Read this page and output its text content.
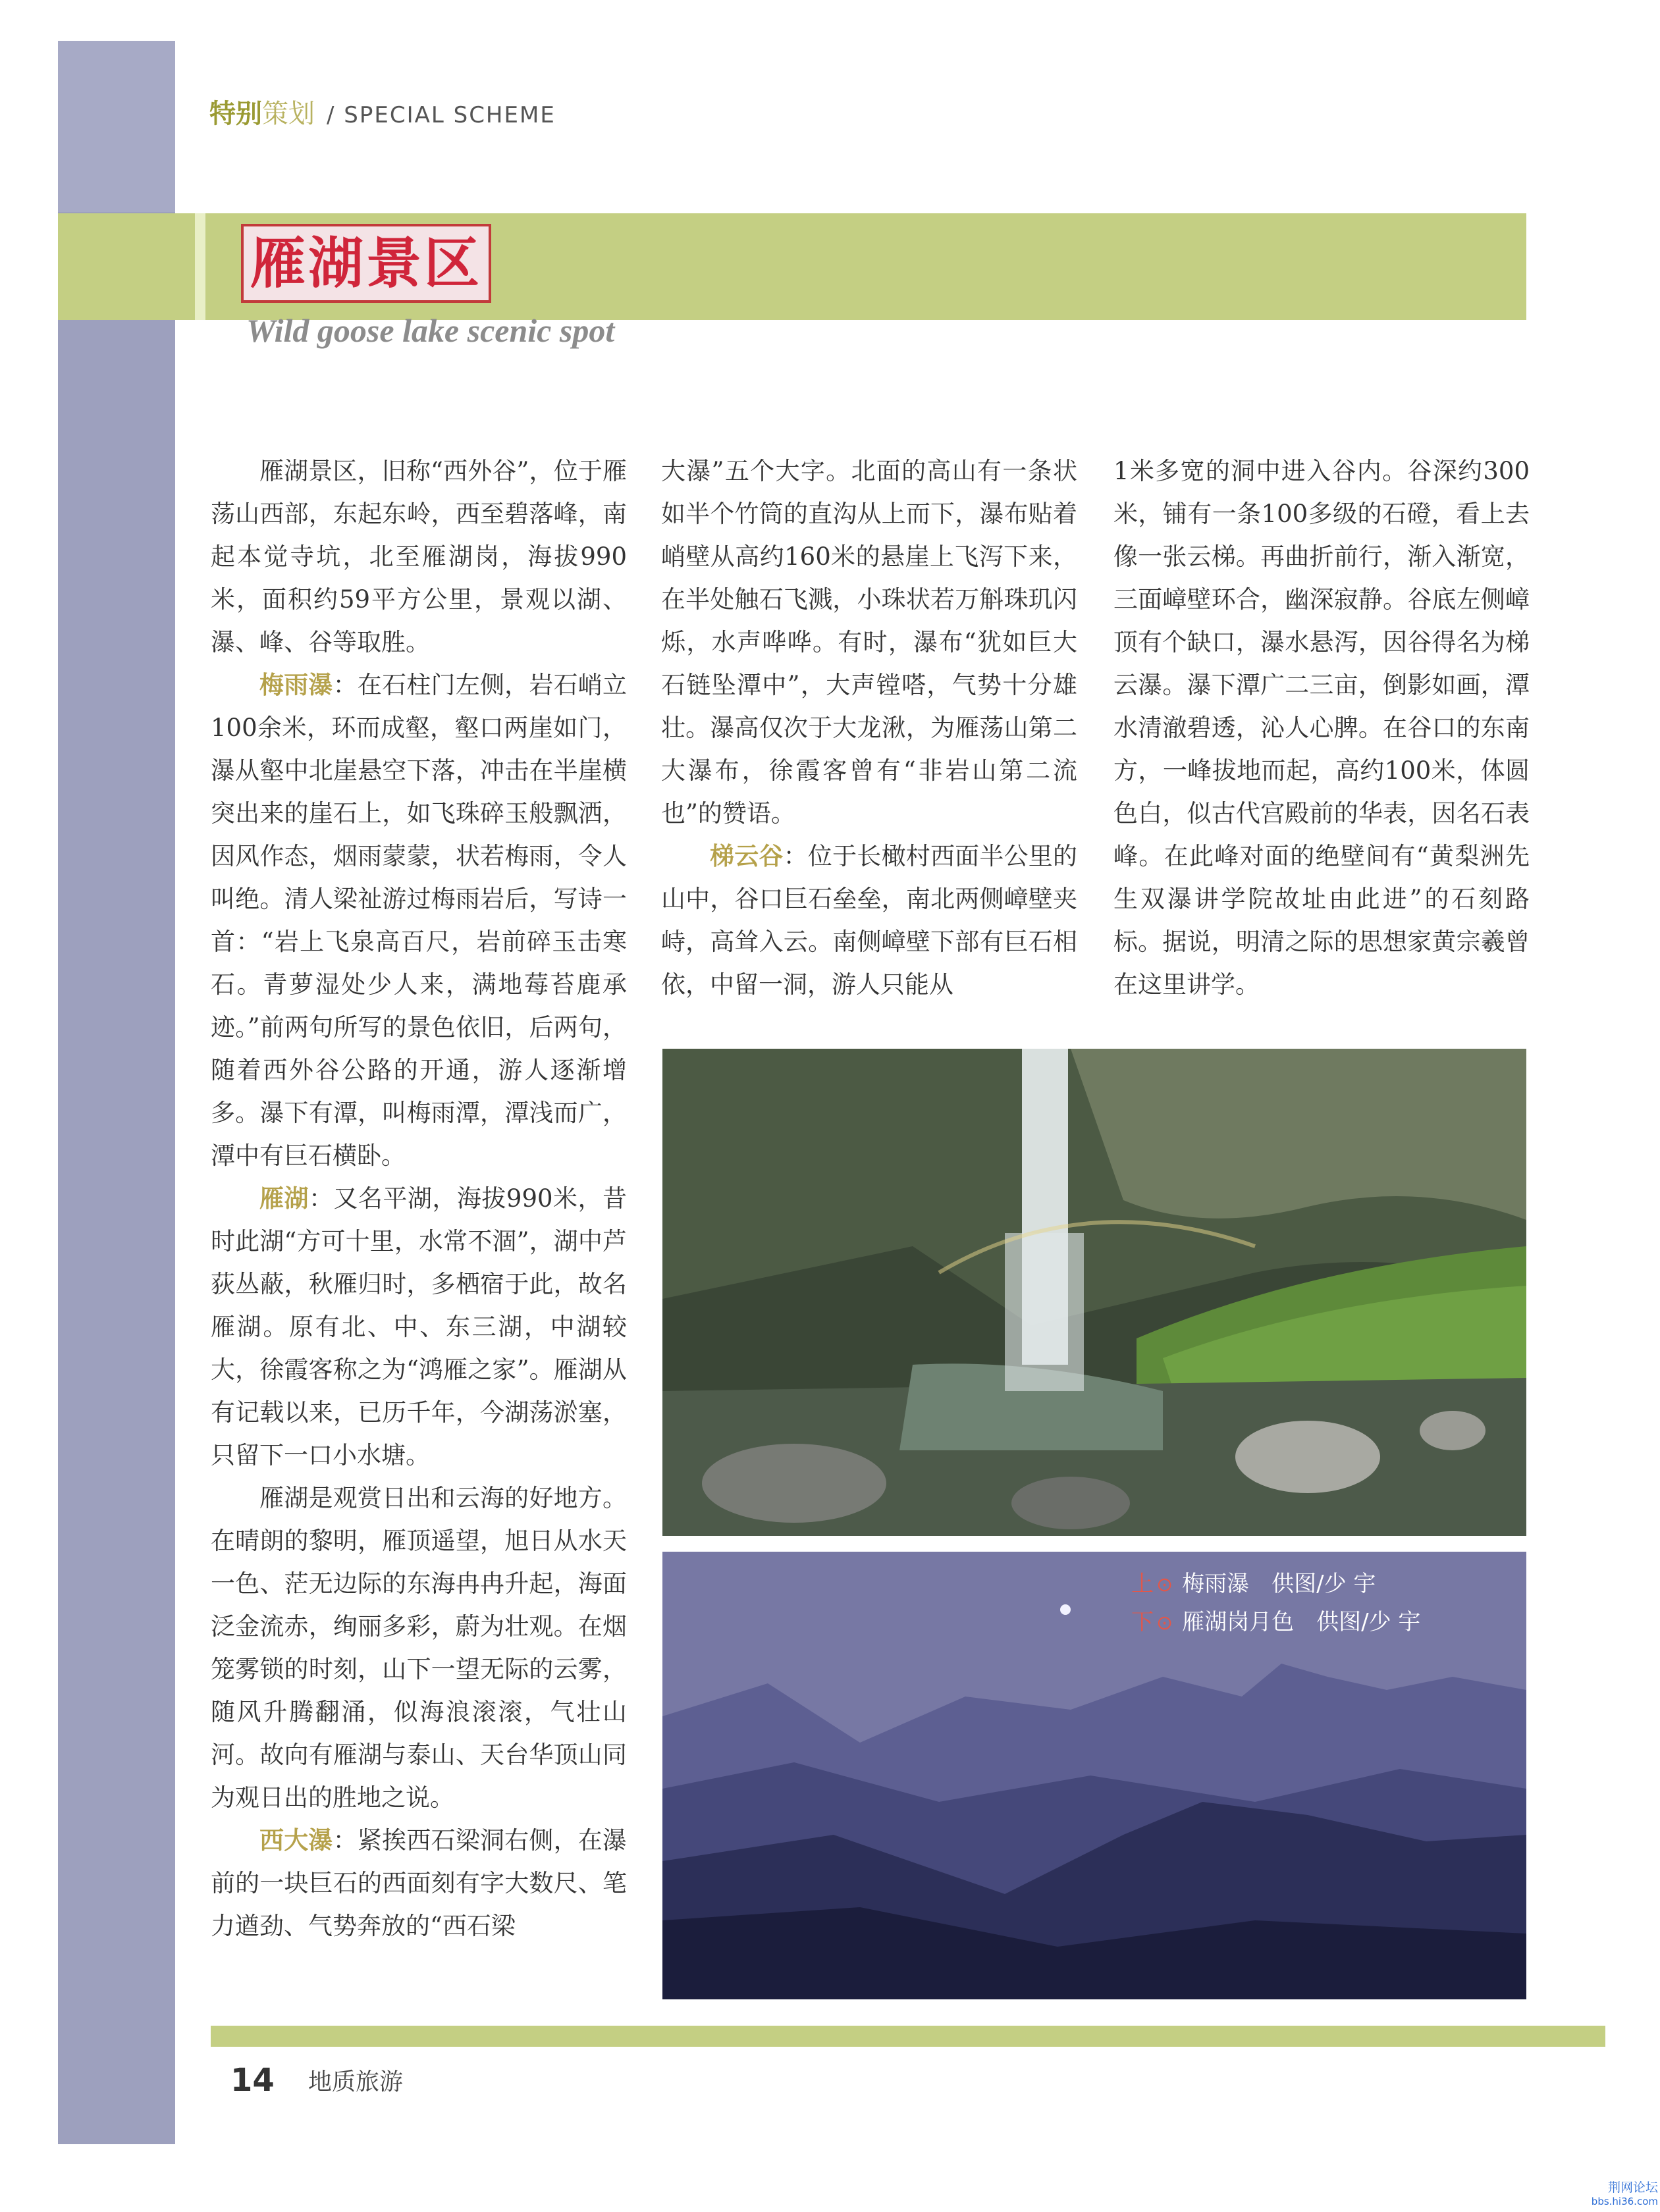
特别策划 / SPECIAL SCHEME
雁湖景区
Wild goose lake scenic spot

雁湖景区，旧称“西外谷”，位于雁荡山西部，东起东岭，西至碧落峰，南起本觉寺坑，北至雁湖岗，海拔990米，面积约59平方公里，景观以湖、瀑、峰、谷等取胜。

梅雨瀑：在石柱门左侧，岩石峭立100余米，环而成壑，壑口两崖如门，瀑从壑中北崖悬空下落，冲击在半崖横突出来的崖石上，如飞珠碎玉般飘洒，因风作态，烟雨蒙蒙，状若梅雨，令人叫绝。清人梁祉游过梅雨岩后，写诗一首：“岩上飞泉高百尺，岩前碎玉击寒石。青萝湿处少人来，满地莓苔鹿承迹。”前两句所写的景色依旧，后两句，随着西外谷公路的开通，游人逐渐增多。瀑下有潭，叫梅雨潭，潭浅而广，潭中有巨石横卧。

雁湖：又名平湖，海拔990米，昔时此湖“方可十里，水常不涸”，湖中芦荻丛蔽，秋雁归时，多栖宿于此，故名雁湖。原有北、中、东三湖，中湖较大，徐霞客称之为“鸿雁之家”。雁湖从有记载以来，已历千年，今湖荡淤塞，只留下一口小水塘。

雁湖是观赏日出和云海的好地方。在晴朗的黎明，雁顶遥望，旭日从水天一色、茫无边际的东海冉冉升起，海面泛金流赤，绚丽多彩，蔚为壮观。在烟笼雾锁的时刻，山下一望无际的云雾，随风升腾翻涌，似海浪滚滚，气壮山河。故向有雁湖与泰山、天台华顶山同为观日出的胜地之说。

西大瀑：紧挨西石梁洞右侧，在瀑前的一块巨石的西面刻有字大数尺、笔力遒劲、气势奔放的“西石梁

大瀑”五个大字。北面的高山有一条状如半个竹筒的直沟从上而下，瀑布贴着峭壁从高约160米的悬崖上飞泻下来，在半处触石飞溅，小珠状若万斛珠玑闪烁，水声哗哗。有时，瀑布“犹如巨大石链坠潭中”，大声镗嗒，气势十分雄壮。瀑高仅次于大龙湫，为雁荡山第二大瀑布，徐霞客曾有“非岩山第二流也”的赞语。

梯云谷：位于长橄村西面半公里的山中，谷口巨石垒垒，南北两侧嶂壁夹峙，高耸入云。南侧嶂壁下部有巨石相依，中留一洞，游人只能从

1米多宽的洞中进入谷内。谷深约300米，铺有一条100多级的石磴，看上去像一张云梯。再曲折前行，渐入渐宽，三面嶂壁环合，幽深寂静。谷底左侧嶂顶有个缺口，瀑水悬泻，因谷得名为梯云瀑。瀑下潭广二三亩，倒影如画，潭水清澈碧透，沁人心脾。在谷口的东南方，一峰拔地而起，高约100米，体圆色白，似古代宫殿前的华表，因名石表峰。在此峰对面的绝壁间有“黄梨洲先生双瀑讲学院故址由此进”的石刻路标。据说，明清之际的思想家黄宗羲曾在这里讲学。

上 ⊙ 梅雨瀑　供图/少 宇
下 ⊙ 雁湖岗月色　供图/少 宇
14 地质旅游
荆网论坛
bbs.hi36.com
